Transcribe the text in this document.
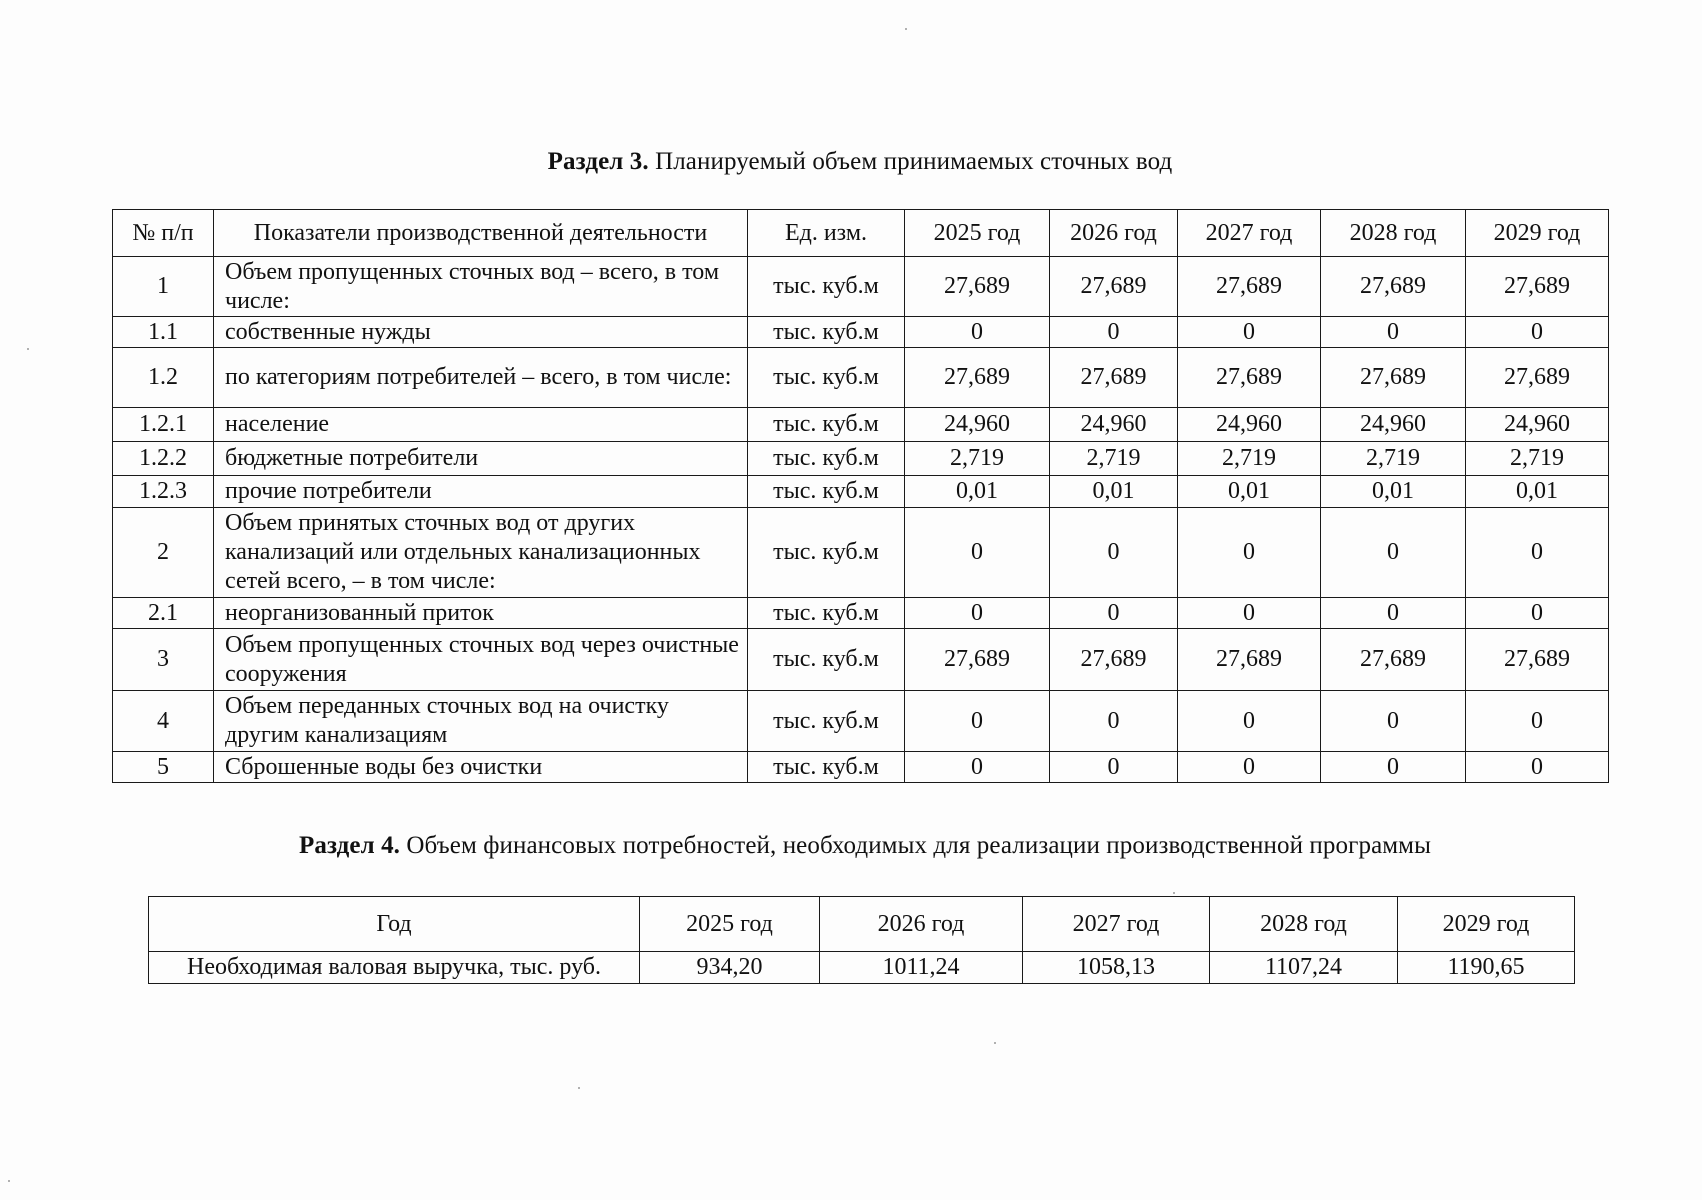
Раздел 3. Планируемый объем принимаемых сточных вод
№ п/п	Показатели производственной деятельности	Ед. изм.	2025 год	2026 год	2027 год	2028 год	2029 год
1	Объем пропущенных сточных вод – всего, в том числе:	тыс. куб.м	27,689	27,689	27,689	27,689	27,689
1.1	собственные нужды	тыс. куб.м	0	0	0	0	0
1.2	по категориям потребителей – всего, в том числе:	тыс. куб.м	27,689	27,689	27,689	27,689	27,689
1.2.1	население	тыс. куб.м	24,960	24,960	24,960	24,960	24,960
1.2.2	бюджетные потребители	тыс. куб.м	2,719	2,719	2,719	2,719	2,719
1.2.3	прочие потребители	тыс. куб.м	0,01	0,01	0,01	0,01	0,01
2	Объем принятых сточных вод от других канализаций или отдельных канализационных сетей всего, – в том числе:	тыс. куб.м	0	0	0	0	0
2.1	неорганизованный приток	тыс. куб.м	0	0	0	0	0
3	Объем пропущенных сточных вод через очистные сооружения	тыс. куб.м	27,689	27,689	27,689	27,689	27,689
4	Объем переданных сточных вод на очистку другим канализациям	тыс. куб.м	0	0	0	0	0
5	Сброшенные воды без очистки	тыс. куб.м	0	0	0	0	0
Раздел 4. Объем финансовых потребностей, необходимых для реализации производственной программы
Год	2025 год	2026 год	2027 год	2028 год	2029 год
Необходимая валовая выручка, тыс. руб.	934,20	1011,24	1058,13	1107,24	1190,65
